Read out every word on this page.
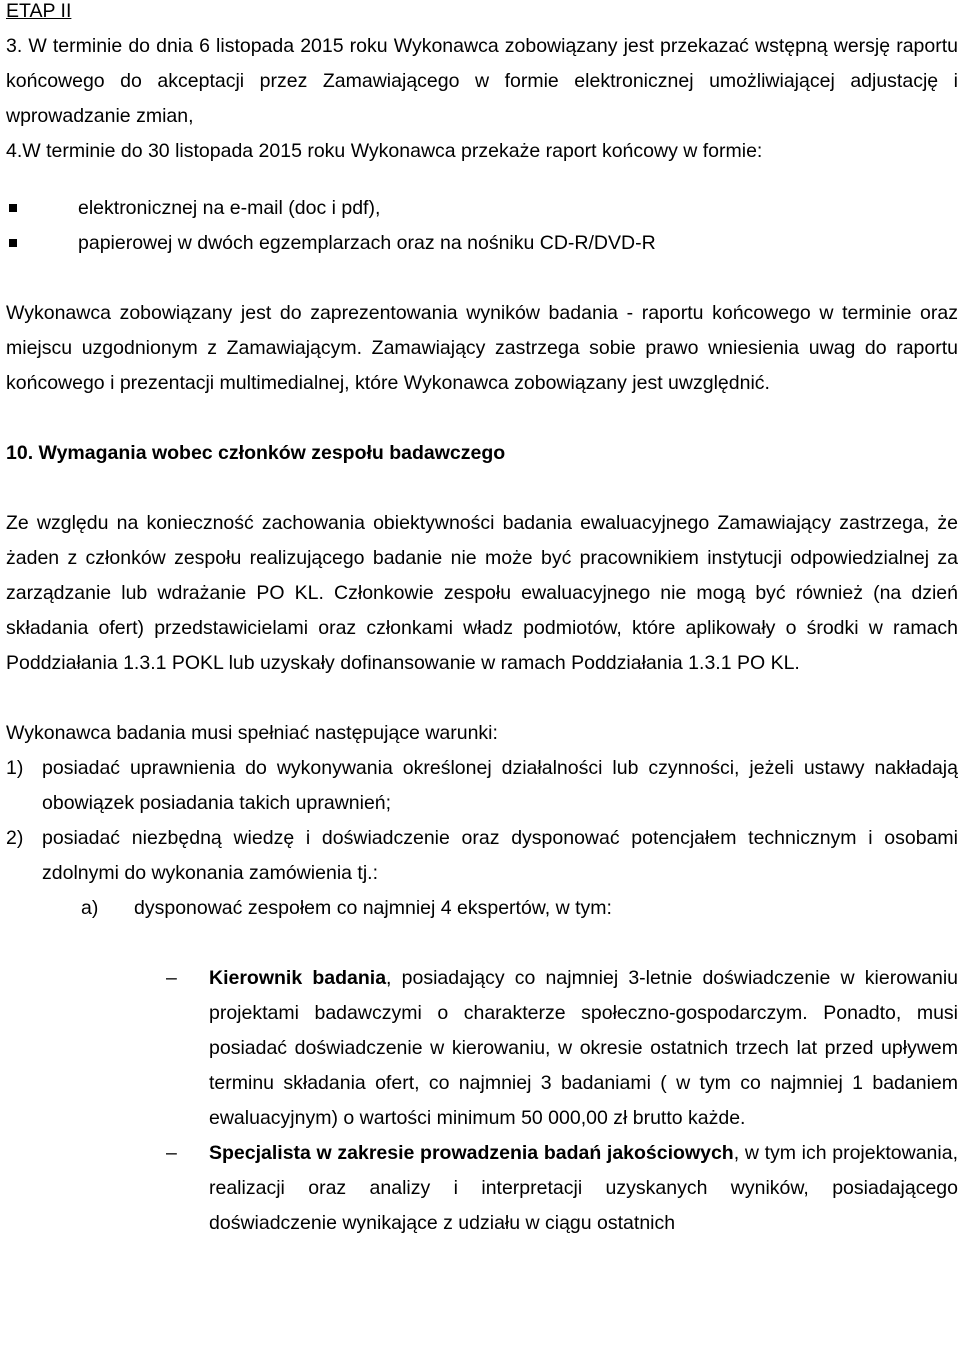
ETAP II

3. W terminie do dnia 6 listopada 2015 roku Wykonawca zobowiązany jest przekazać wstępną wersję raportu końcowego do akceptacji przez Zamawiającego w formie elektronicznej umożliwiającej adjustację i wprowadzanie zmian,

4.W terminie do 30 listopada 2015 roku Wykonawca przekaże raport końcowy w formie:

elektronicznej na e-mail (doc i pdf),
papierowej w dwóch egzemplarzach oraz na nośniku CD-R/DVD-R

Wykonawca zobowiązany jest do zaprezentowania wyników badania - raportu końcowego w terminie oraz miejscu uzgodnionym z Zamawiającym. Zamawiający zastrzega sobie prawo wniesienia uwag do raportu końcowego i prezentacji multimedialnej, które Wykonawca zobowiązany jest uwzględnić.

10. Wymagania wobec członków zespołu badawczego

Ze względu na konieczność zachowania obiektywności badania ewaluacyjnego Zamawiający zastrzega, że żaden z członków zespołu realizującego badanie nie może być pracownikiem instytucji odpowiedzialnej za zarządzanie lub wdrażanie PO KL. Członkowie zespołu ewaluacyjnego nie mogą być również (na dzień składania ofert) przedstawicielami oraz członkami władz podmiotów, które aplikowały o środki w ramach Poddziałania 1.3.1 POKL lub uzyskały dofinansowanie w ramach Poddziałania 1.3.1 PO KL.

Wykonawca badania musi spełniać następujące warunki:

1) posiadać uprawnienia do wykonywania określonej działalności lub czynności, jeżeli ustawy nakładają obowiązek posiadania takich uprawnień;
2) posiadać niezbędną wiedzę i doświadczenie oraz dysponować potencjałem technicznym i osobami zdolnymi do wykonania zamówienia tj.:

a) dysponować zespołem co najmniej 4 ekspertów, w tym:

– Kierownik badania, posiadający co najmniej 3-letnie doświadczenie w kierowaniu projektami badawczymi o charakterze społeczno-gospodarczym. Ponadto, musi posiadać doświadczenie w kierowaniu, w okresie ostatnich trzech lat przed upływem terminu składania ofert, co najmniej 3 badaniami ( w tym co najmniej 1 badaniem ewaluacyjnym) o wartości minimum 50 000,00 zł brutto każde.
– Specjalista w zakresie prowadzenia badań jakościowych, w tym ich projektowania, realizacji oraz analizy i interpretacji uzyskanych wyników, posiadającego doświadczenie wynikające z udziału w ciągu ostatnich
